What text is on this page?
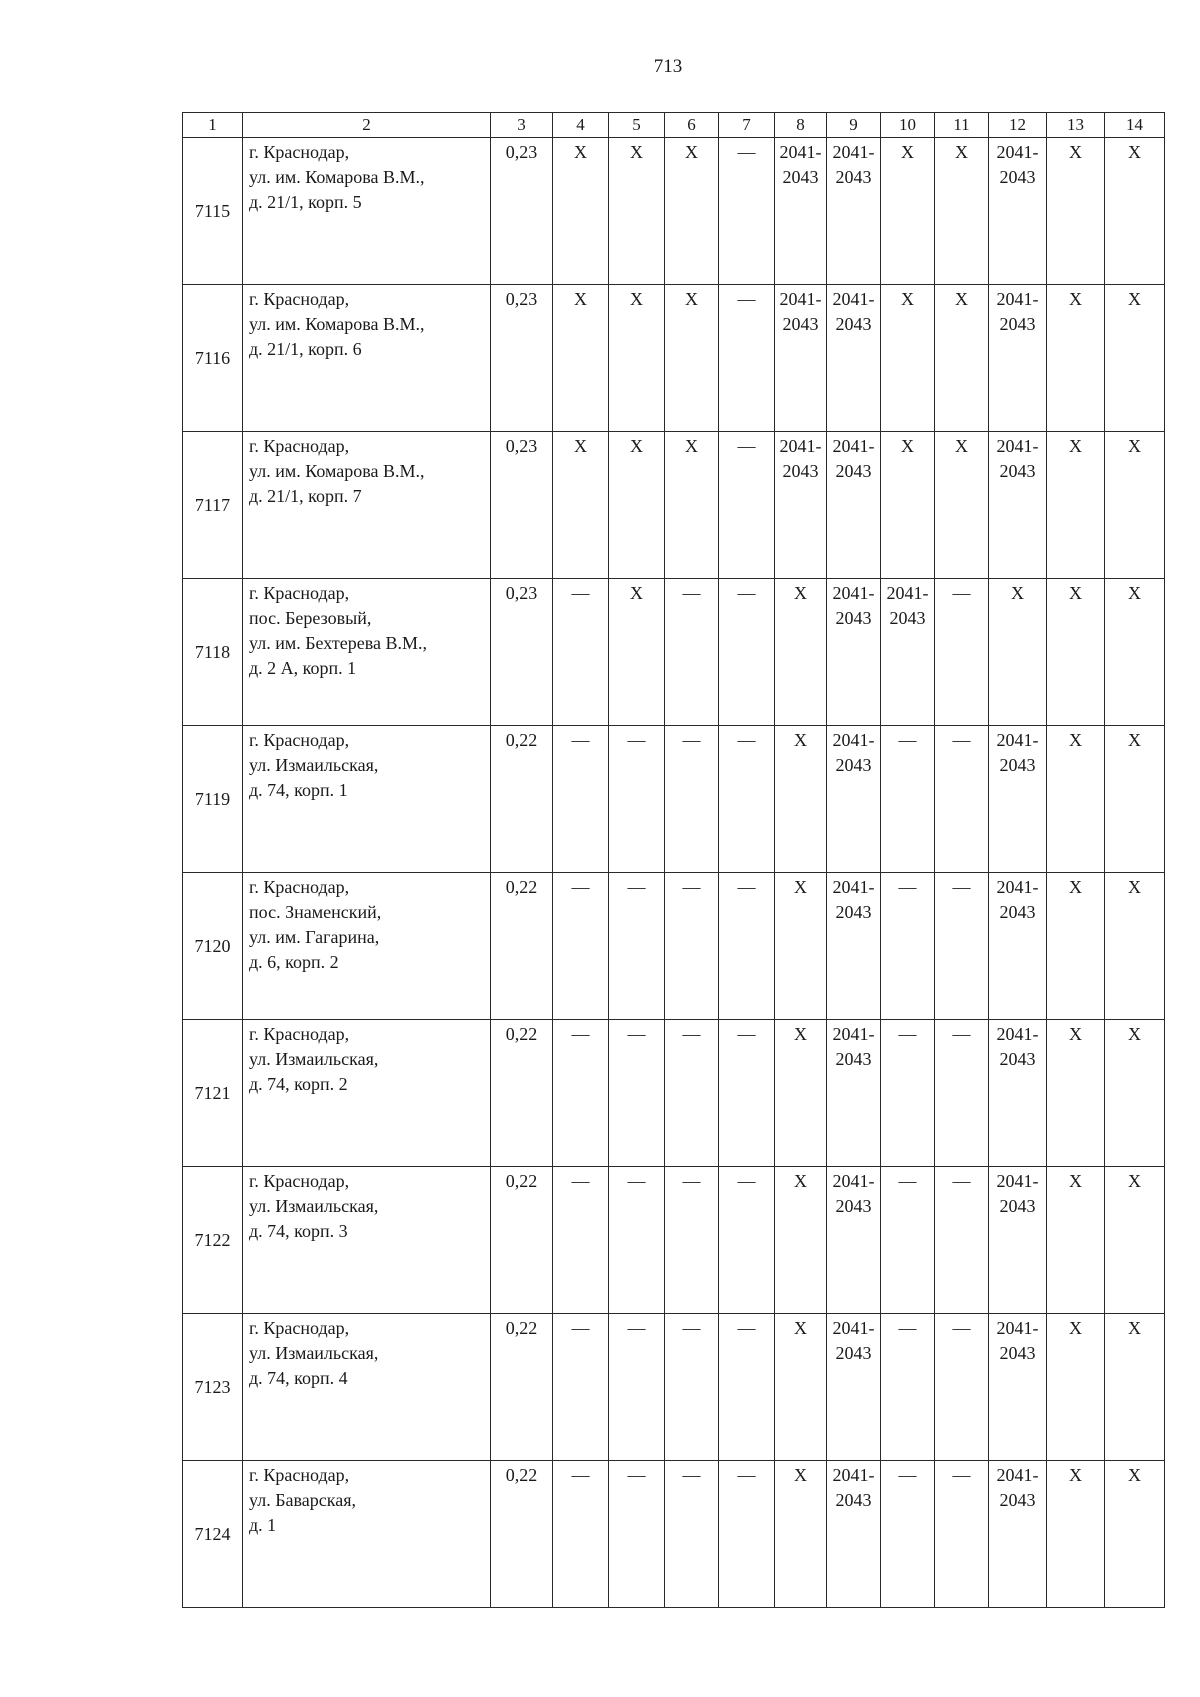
713
1	2	3	4	5	6	7	8	9	10	11	12	13	14
7115	г. Краснодар,
ул. им. Комарова В.М.,
д. 21/1, корп. 5	0,23	Х	Х	Х	—	2041-
2043	2041-
2043	Х	Х	2041-
2043	Х	Х
7116	г. Краснодар,
ул. им. Комарова В.М.,
д. 21/1, корп. 6	0,23	Х	Х	Х	—	2041-
2043	2041-
2043	Х	Х	2041-
2043	Х	Х
7117	г. Краснодар,
ул. им. Комарова В.М.,
д. 21/1, корп. 7	0,23	Х	Х	Х	—	2041-
2043	2041-
2043	Х	Х	2041-
2043	Х	Х
7118	г. Краснодар,
пос. Березовый,
ул. им. Бехтерева В.М.,
д. 2 А, корп. 1	0,23	—	Х	—	—	Х	2041-
2043	2041-
2043	—	Х	Х	Х
7119	г. Краснодар,
ул. Измаильская,
д. 74, корп. 1	0,22	—	—	—	—	Х	2041-
2043	—	—	2041-
2043	Х	Х
7120	г. Краснодар,
пос. Знаменский,
ул. им. Гагарина,
д. 6, корп. 2	0,22	—	—	—	—	Х	2041-
2043	—	—	2041-
2043	Х	Х
7121	г. Краснодар,
ул. Измаильская,
д. 74, корп. 2	0,22	—	—	—	—	Х	2041-
2043	—	—	2041-
2043	Х	Х
7122	г. Краснодар,
ул. Измаильская,
д. 74, корп. 3	0,22	—	—	—	—	Х	2041-
2043	—	—	2041-
2043	Х	Х
7123	г. Краснодар,
ул. Измаильская,
д. 74, корп. 4	0,22	—	—	—	—	Х	2041-
2043	—	—	2041-
2043	Х	Х
7124	г. Краснодар,
ул. Баварская,
д. 1	0,22	—	—	—	—	Х	2041-
2043	—	—	2041-
2043	Х	Х
